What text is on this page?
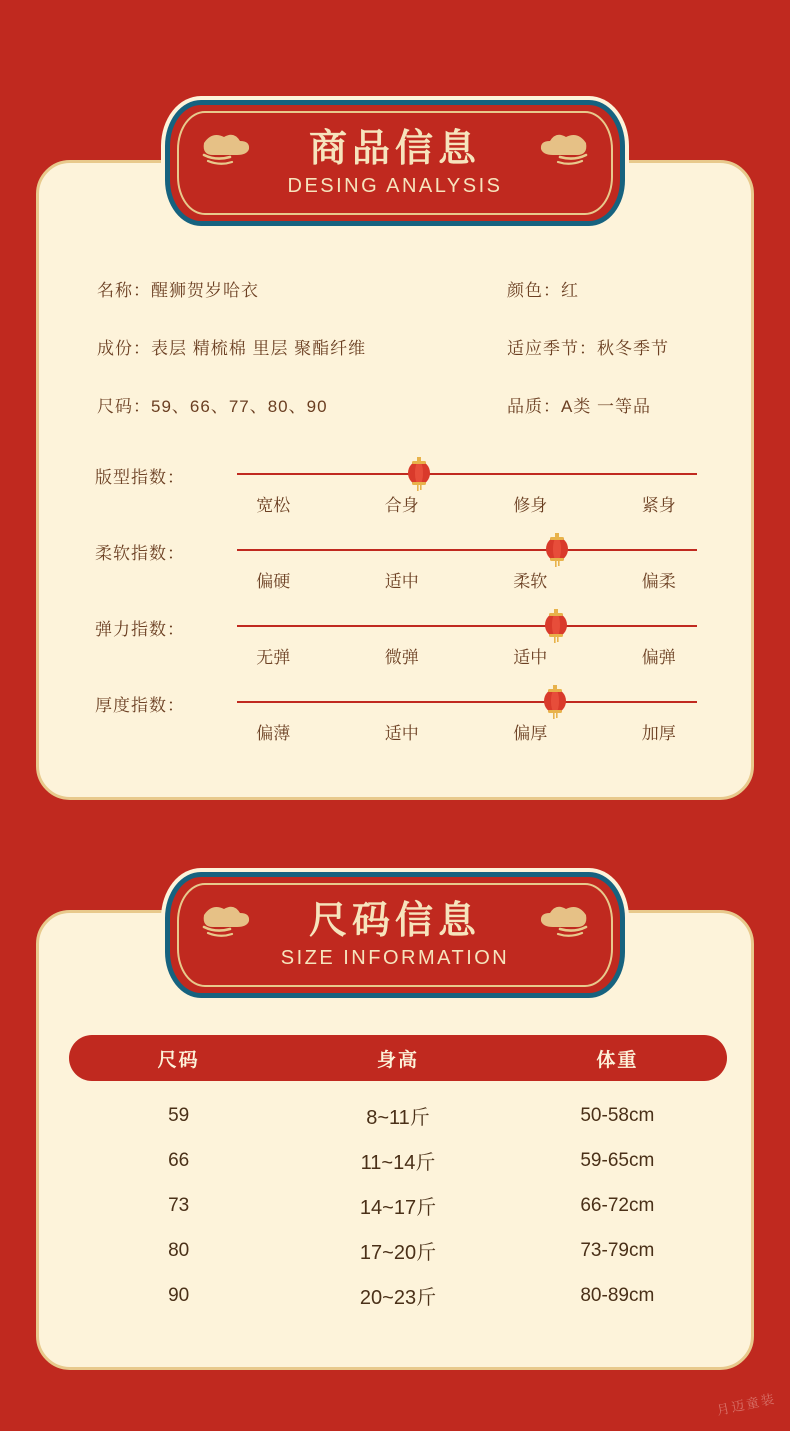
名称：醒狮贺岁哈衣	颜色：红
成份：表层 精梳棉 里层 聚酯纤维	适应季节：秋冬季节
尺码：59、66、77、80、90	品质：A类 一等品
版型指数：
宽松	合身	修身	紧身
柔软指数：
偏硬	适中	柔软	偏柔
弹力指数：
无弹	微弹	适中	偏弹
厚度指数：
偏薄	适中	偏厚	加厚
商品信息
DESING ANALYSIS
尺码	身高	体重
59	8~11斤	50-58cm
66	11~14斤	59-65cm
73	14~17斤	66-72cm
80	17~20斤	73-79cm
90	20~23斤	80-89cm
尺码信息
SIZE INFORMATION
月迈童装
